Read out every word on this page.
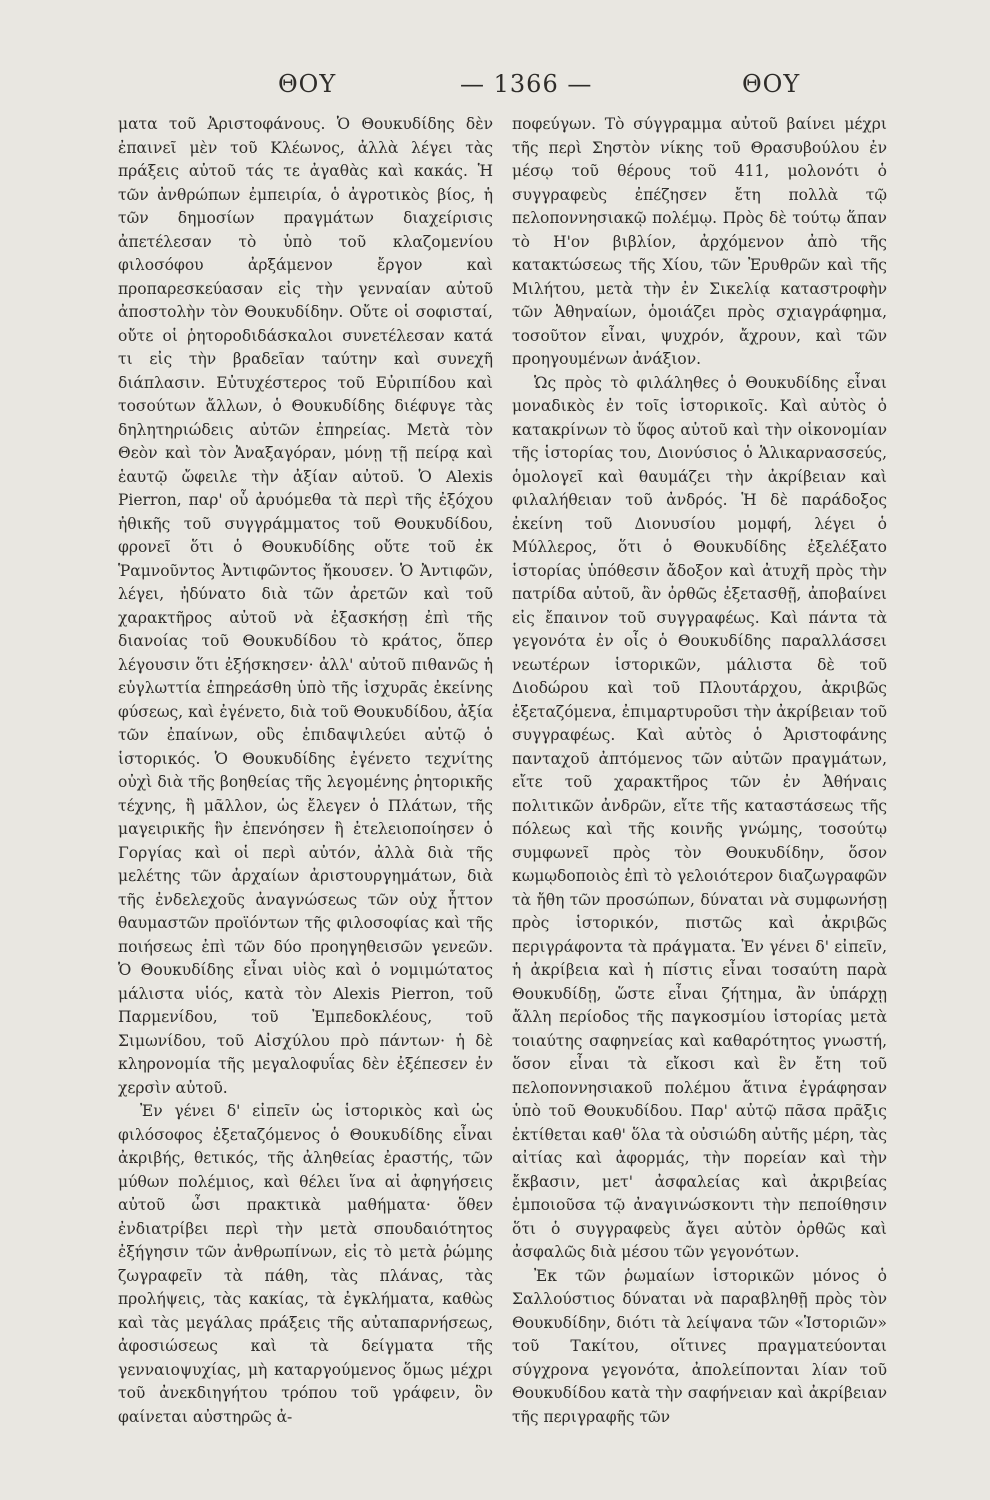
ΘΟΥ	— 1366 —	ΘΟΥ

ματα τοῦ Ἀριστοφάνους. Ὁ Θουκυδίδης δὲν ἐπαινεῖ μὲν τοῦ Κλέωνος, ἀλλὰ λέγει τὰς πράξεις αὐτοῦ τάς τε ἀγαθὰς καὶ κακάς. Ἡ τῶν ἀνθρώπων ἐμπειρία, ὁ ἀγροτικὸς βίος, ἡ τῶν δημοσίων πραγμάτων διαχείρισις ἀπετέλεσαν τὸ ὑπὸ τοῦ κλαζομενίου φιλοσόφου ἀρξάμενον ἔργον καὶ προπαρεσκεύασαν εἰς τὴν γενναίαν αὐτοῦ ἀποστολὴν τὸν Θουκυδίδην. Οὔτε οἱ σοφισταί, οὔτε οἱ ῥητοροδιδάσκαλοι συνετέλεσαν κατά τι εἰς τὴν βραδεῖαν ταύτην καὶ συνεχῆ διάπλασιν. Εὐτυχέστερος τοῦ Εὐριπίδου καὶ τοσούτων ἄλλων, ὁ Θουκυδίδης διέφυγε τὰς δηλητηριώδεις αὐτῶν ἐπηρείας. Μετὰ τὸν Θεὸν καὶ τὸν Ἀναξαγόραν, μόνῃ τῇ πείρᾳ καὶ ἑαυτῷ ὤφειλε τὴν ἀξίαν αὐτοῦ. Ὁ Alexis Pierron, παρ' οὗ ἀρυόμεθα τὰ περὶ τῆς ἐξόχου ἠθικῆς τοῦ συγγράμματος τοῦ Θουκυδίδου, φρονεῖ ὅτι ὁ Θουκυδίδης οὔτε τοῦ ἐκ Ῥαμνοῦντος Ἀντιφῶντος ἤκουσεν. Ὁ Ἀντιφῶν, λέγει, ἠδύνατο διὰ τῶν ἀρετῶν καὶ τοῦ χαρακτῆρος αὐτοῦ νὰ ἐξασκήσῃ ἐπὶ τῆς διανοίας τοῦ Θουκυδίδου τὸ κράτος, ὅπερ λέγουσιν ὅτι ἐξήσκησεν· ἀλλ' αὐτοῦ πιθανῶς ἡ εὐγλωττία ἐπηρεάσθη ὑπὸ τῆς ἰσχυρᾶς ἐκείνης φύσεως, καὶ ἐγένετο, διὰ τοῦ Θουκυδίδου, ἀξία τῶν ἐπαίνων, οὓς ἐπιδαψιλεύει αὐτῷ ὁ ἱστορικός. Ὁ Θουκυδίδης ἐγένετο τεχνίτης οὐχὶ διὰ τῆς βοηθείας τῆς λεγομένης ῥητορικῆς τέχνης, ἢ μᾶλλον, ὡς ἔλεγεν ὁ Πλάτων, τῆς μαγειρικῆς ἣν ἐπενόησεν ἢ ἐτελειοποίησεν ὁ Γοργίας καὶ οἱ περὶ αὐτόν, ἀλλὰ διὰ τῆς μελέτης τῶν ἀρχαίων ἀριστουργημάτων, διὰ τῆς ἐνδελεχοῦς ἀναγνώσεως τῶν οὐχ ἧττον θαυμαστῶν προϊόντων τῆς φιλοσοφίας καὶ τῆς ποιήσεως ἐπὶ τῶν δύο προηγηθεισῶν γενεῶν. Ὁ Θουκυδίδης εἶναι υἱὸς καὶ ὁ νομιμώτατος μάλιστα υἱός, κατὰ τὸν Alexis Pierron, τοῦ Παρμενίδου, τοῦ Ἐμπεδοκλέους, τοῦ Σιμωνίδου, τοῦ Αἰσχύλου πρὸ πάντων· ἡ δὲ κληρονομία τῆς μεγαλοφυΐας δὲν ἐξέπεσεν ἐν χερσὶν αὐτοῦ.

Ἐν γένει δ' εἰπεῖν ὡς ἱστορικὸς καὶ ὡς φιλόσοφος ἐξεταζόμενος ὁ Θουκυδίδης εἶναι ἀκριβής, θετικός, τῆς ἀληθείας ἐραστής, τῶν μύθων πολέμιος, καὶ θέλει ἵνα αἱ ἀφηγήσεις αὐτοῦ ὦσι πρακτικὰ μαθήματα· ὅθεν ἐνδιατρίβει περὶ τὴν μετὰ σπουδαιότητος ἐξήγησιν τῶν ἀνθρωπίνων, εἰς τὸ μετὰ ῥώμης ζωγραφεῖν τὰ πάθη, τὰς πλάνας, τὰς προλήψεις, τὰς κακίας, τὰ ἐγκλήματα, καθὼς καὶ τὰς μεγάλας πράξεις τῆς αὐταπαρνήσεως, ἀφοσιώσεως καὶ τὰ δείγματα τῆς γενναιοψυχίας, μὴ καταργούμενος ὅμως μέχρι τοῦ ἀνεκδιηγήτου τρόπου τοῦ γράφειν, ὃν φαίνεται αὐστηρῶς ἀ-

ποφεύγων. Τὸ σύγγραμμα αὐτοῦ βαίνει μέχρι τῆς περὶ Σηστὸν νίκης τοῦ Θρασυβούλου ἐν μέσῳ τοῦ θέρους τοῦ 411, μολονότι ὁ συγγραφεὺς ἐπέζησεν ἔτη πολλὰ τῷ πελοποννησιακῷ πολέμῳ. Πρὸς δὲ τούτῳ ἅπαν τὸ Η'ον βιβλίον, ἀρχόμενον ἀπὸ τῆς κατακτώσεως τῆς Χίου, τῶν Ἐρυθρῶν καὶ τῆς Μιλήτου, μετὰ τὴν ἐν Σικελίᾳ καταστροφὴν τῶν Ἀθηναίων, ὁμοιάζει πρὸς σχιαγράφημα, τοσοῦτον εἶναι, ψυχρόν, ἄχρουν, καὶ τῶν προηγουμένων ἀνάξιον.

Ὡς πρὸς τὸ φιλάληθες ὁ Θουκυδίδης εἶναι μοναδικὸς ἐν τοῖς ἱστορικοῖς. Καὶ αὐτὸς ὁ κατακρίνων τὸ ὕφος αὐτοῦ καὶ τὴν οἰκονομίαν τῆς ἱστορίας του, Διονύσιος ὁ Ἁλικαρνασσεύς, ὁμολογεῖ καὶ θαυμάζει τὴν ἀκρίβειαν καὶ φιλαλήθειαν τοῦ ἀνδρός. Ἡ δὲ παράδοξος ἐκείνη τοῦ Διονυσίου μομφή, λέγει ὁ Μύλλερος, ὅτι ὁ Θουκυδίδης ἐξελέξατο ἱστορίας ὑπόθεσιν ἄδοξον καὶ ἀτυχῆ πρὸς τὴν πατρίδα αὐτοῦ, ἂν ὀρθῶς ἐξετασθῇ, ἀποβαίνει εἰς ἔπαινον τοῦ συγγραφέως. Καὶ πάντα τὰ γεγονότα ἐν οἷς ὁ Θουκυδίδης παραλλάσσει νεωτέρων ἱστορικῶν, μάλιστα δὲ τοῦ Διοδώρου καὶ τοῦ Πλουτάρχου, ἀκριβῶς ἐξεταζόμενα, ἐπιμαρτυροῦσι τὴν ἀκρίβειαν τοῦ συγγραφέως. Καὶ αὐτὸς ὁ Ἀριστοφάνης πανταχοῦ ἀπτόμενος τῶν αὐτῶν πραγμάτων, εἴτε τοῦ χαρακτῆρος τῶν ἐν Ἀθήναις πολιτικῶν ἀνδρῶν, εἴτε τῆς καταστάσεως τῆς πόλεως καὶ τῆς κοινῆς γνώμης, τοσούτῳ συμφωνεῖ πρὸς τὸν Θουκυδίδην, ὅσον κωμῳδοποιὸς ἐπὶ τὸ γελοιότερον διαζωγραφῶν τὰ ἤθη τῶν προσώπων, δύναται νὰ συμφωνήσῃ πρὸς ἱστορικόν, πιστῶς καὶ ἀκριβῶς περιγράφοντα τὰ πράγματα. Ἐν γένει δ' εἰπεῖν, ἡ ἀκρίβεια καὶ ἡ πίστις εἶναι τοσαύτη παρὰ Θουκυδίδῃ, ὥστε εἶναι ζήτημα, ἂν ὑπάρχῃ ἄλλη περίοδος τῆς παγκοσμίου ἱστορίας μετὰ τοιαύτης σαφηνείας καὶ καθαρότητος γνωστή, ὅσον εἶναι τὰ εἴκοσι καὶ ἓν ἔτη τοῦ πελοποννησιακοῦ πολέμου ἅτινα ἐγράφησαν ὑπὸ τοῦ Θουκυδίδου. Παρ' αὐτῷ πᾶσα πρᾶξις ἐκτίθεται καθ' ὅλα τὰ οὐσιώδη αὐτῆς μέρη, τὰς αἰτίας καὶ ἀφορμάς, τὴν πορείαν καὶ τὴν ἔκβασιν, μετ' ἀσφαλείας καὶ ἀκριβείας ἐμποιοῦσα τῷ ἀναγινώσκοντι τὴν πεποίθησιν ὅτι ὁ συγγραφεὺς ἄγει αὐτὸν ὀρθῶς καὶ ἀσφαλῶς διὰ μέσου τῶν γεγονότων.

Ἐκ τῶν ῥωμαίων ἱστορικῶν μόνος ὁ Σαλλούστιος δύναται νὰ παραβληθῇ πρὸς τὸν Θουκυδίδην, διότι τὰ λείψανα τῶν «Ἱστοριῶν» τοῦ Τακίτου, οἵτινες πραγματεύονται σύγχρονα γεγονότα, ἀπολείπονται λίαν τοῦ Θουκυδίδου κατὰ τὴν σαφήνειαν καὶ ἀκρίβειαν τῆς περιγραφῆς τῶν
